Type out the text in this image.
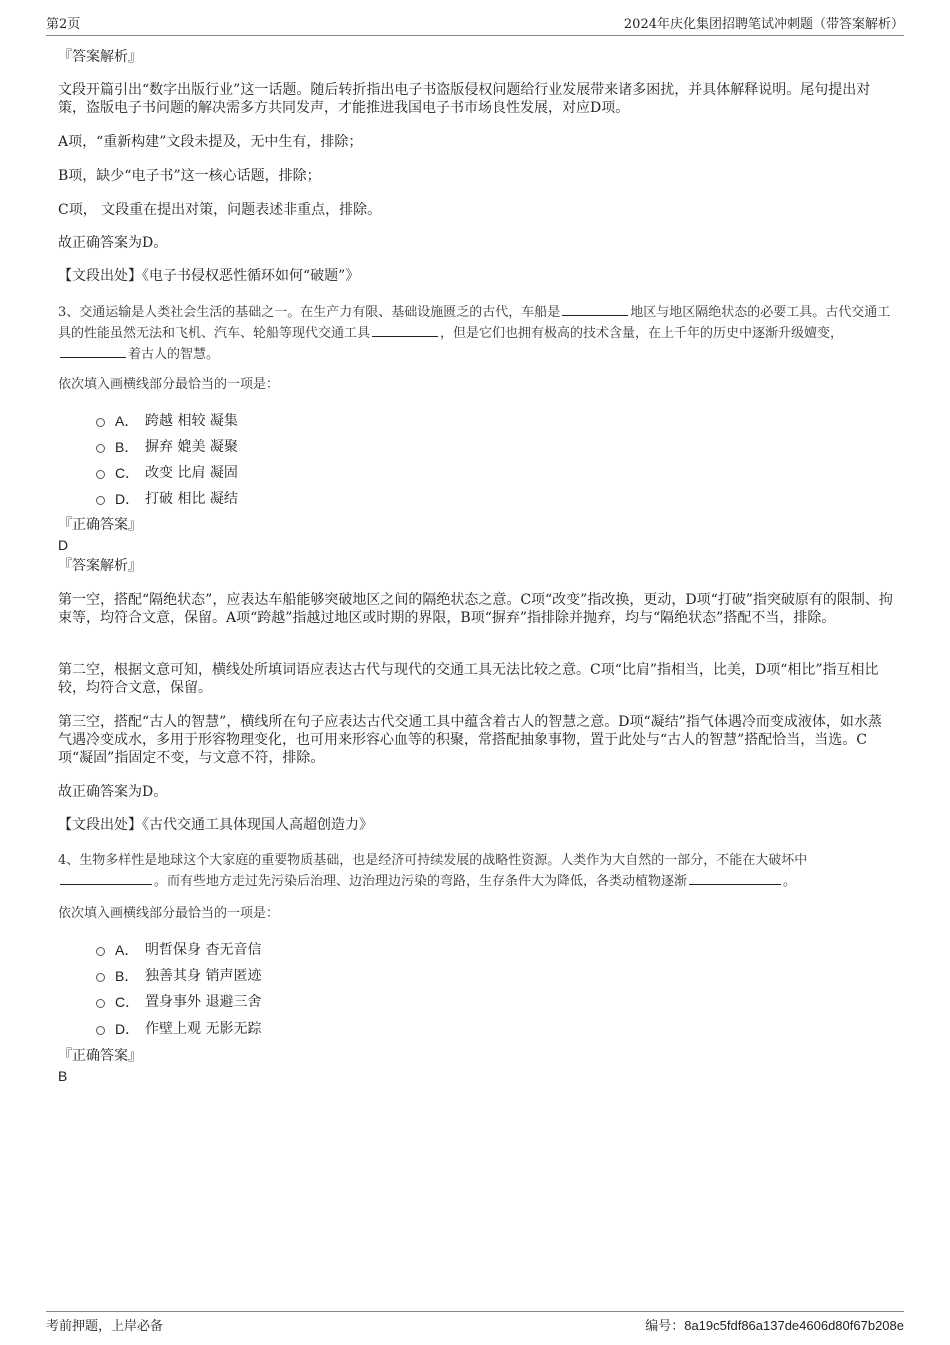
第2页	2024年庆化集团招聘笔试冲刺题（带答案解析）
『答案解析』
文段开篇引出“数字出版行业”这一话题。随后转折指出电子书盗版侵权问题给行业发展带来诸多困扰，并具体解释说明。尾句提出对策，盗版电子书问题的解决需多方共同发声，才能推进我国电子书市场良性发展，对应D项。
A项，“重新构建”文段未提及，无中生有，排除；
B项，缺少“电子书”这一核心话题，排除；
C项， 文段重在提出对策，问题表述非重点，排除。
故正确答案为D。
【文段出处】《电子书侵权恶性循环如何“破题”》
3、交通运输是人类社会生活的基础之一。在生产力有限、基础设施匮乏的古代，车船是	地区与地区隔绝状态的必要工具。古代交通工具的性能虽然无法和飞机、汽车、轮船等现代交通工具	，但是它们也拥有极高的技术含量，在上千年的历史中逐渐升级嬗变，
着古人的智慧。
依次填入画横线部分最恰当的一项是：
A． 跨越 相较 凝集
B． 摒弃 媲美 凝聚
C． 改变 比肩 凝固
D． 打破 相比 凝结
『正确答案』
D
『答案解析』
第一空，搭配“隔绝状态”，应表达车船能够突破地区之间的隔绝状态之意。C项“改变”指改换，更动，D项“打破”指突破原有的限制、拘束等，均符合文意，保留。A项“跨越”指越过地区或时期的界限，B项“摒弃”指排除并抛弃，均与“隔绝状态”搭配不当，排除。
第二空，根据文意可知，横线处所填词语应表达古代与现代的交通工具无法比较之意。C项“比肩”指相当，比美，D项“相比”指互相比较，均符合文意，保留。
第三空，搭配“古人的智慧”，横线所在句子应表达古代交通工具中蕴含着古人的智慧之意。D项“凝结”指气体遇冷而变成液体，如水蒸气遇冷变成水，多用于形容物理变化，也可用来形容心血等的积聚，常搭配抽象事物，置于此处与“古人的智慧”搭配恰当，当选。C项“凝固”指固定不变，与文意不符，排除。
故正确答案为D。
【文段出处】《古代交通工具体现国人高超创造力》
4、生物多样性是地球这个大家庭的重要物质基础，也是经济可持续发展的战略性资源。人类作为大自然的一部分，不能在大破坏中
。而有些地方走过先污染后治理、边治理边污染的弯路，生存条件大为降低，各类动植物逐渐	。
依次填入画横线部分最恰当的一项是：
A． 明哲保身 杳无音信
B． 独善其身 销声匿迹
C． 置身事外 退避三舍
D． 作壁上观 无影无踪
『正确答案』
B
考前押题，上岸必备	编号：8a19c5fdf86a137de4606d80f67b208e
